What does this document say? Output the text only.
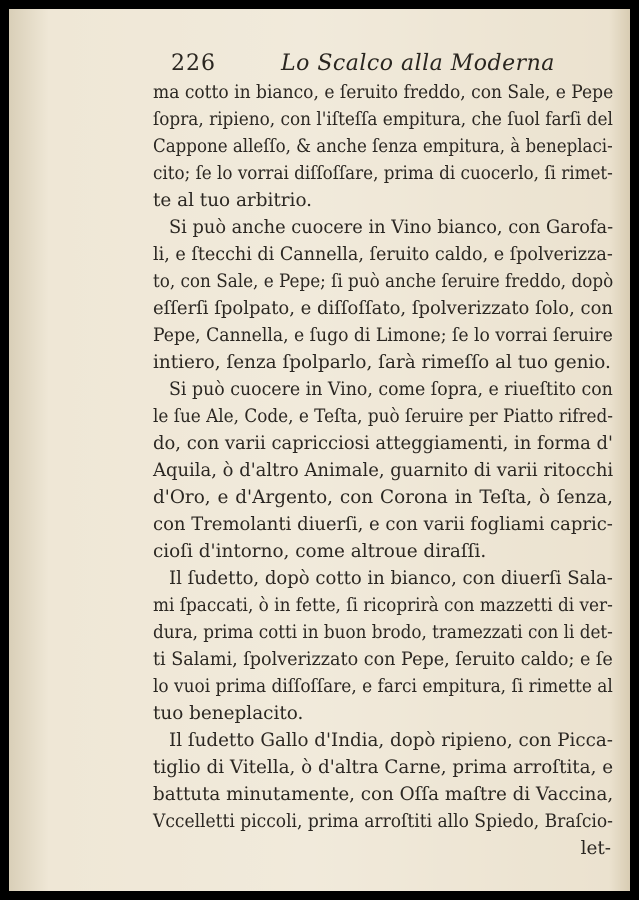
226	Lo Scalco alla Moderna
ma cotto in bianco, e ſeruito freddo, con Sale, e Pepe
ſopra, ripieno, con l'iſteſſa empitura, che ſuol farſi del
Cappone alleſſo, & anche ſenza empitura, à beneplaci-
cito; ſe lo vorrai diſſoſſare, prima di cuocerlo, ſi rimet-
te al tuo arbitrio.
Si può anche cuocere in Vino bianco, con Garofa-
li, e ſtecchi di Cannella, ſeruito caldo, e ſpolverizza-
to, con Sale, e Pepe; ſi può anche ſeruire freddo, dopò
eſſerſi ſpolpato, e diſſoſſato, ſpolverizzato ſolo, con
Pepe, Cannella, e ſugo di Limone; ſe lo vorrai ſeruire
intiero, ſenza ſpolparlo, ſarà rimeſſo al tuo genio.
Si può cuocere in Vino, come ſopra, e riueſtito con
le ſue Ale, Code, e Teſta, può ſeruire per Piatto rifred-
do, con varii capricciosi atteggiamenti, in forma d'
Aquila, ò d'altro Animale, guarnito di varii ritocchi
d'Oro, e d'Argento, con Corona in Teſta, ò ſenza,
con Tremolanti diuerſi, e con varii fogliami capric-
cioſi d'intorno, come altroue diraſſi.
Il ſudetto, dopò cotto in bianco, con diuerſi Sala-
mi ſpaccati, ò in fette, ſi ricoprirà con mazzetti di ver-
dura, prima cotti in buon brodo, tramezzati con li det-
ti Salami, ſpolverizzato con Pepe, ſeruito caldo; e ſe
lo vuoi prima diſſoſſare, e farci empitura, ſi rimette al
tuo beneplacito.
Il ſudetto Gallo d'India, dopò ripieno, con Picca-
tiglio di Vitella, ò d'altra Carne, prima arroſtita, e
battuta minutamente, con Oſſa maſtre di Vaccina,
Vccelletti piccoli, prima arroſtiti allo Spiedo, Braſcio-
let-
